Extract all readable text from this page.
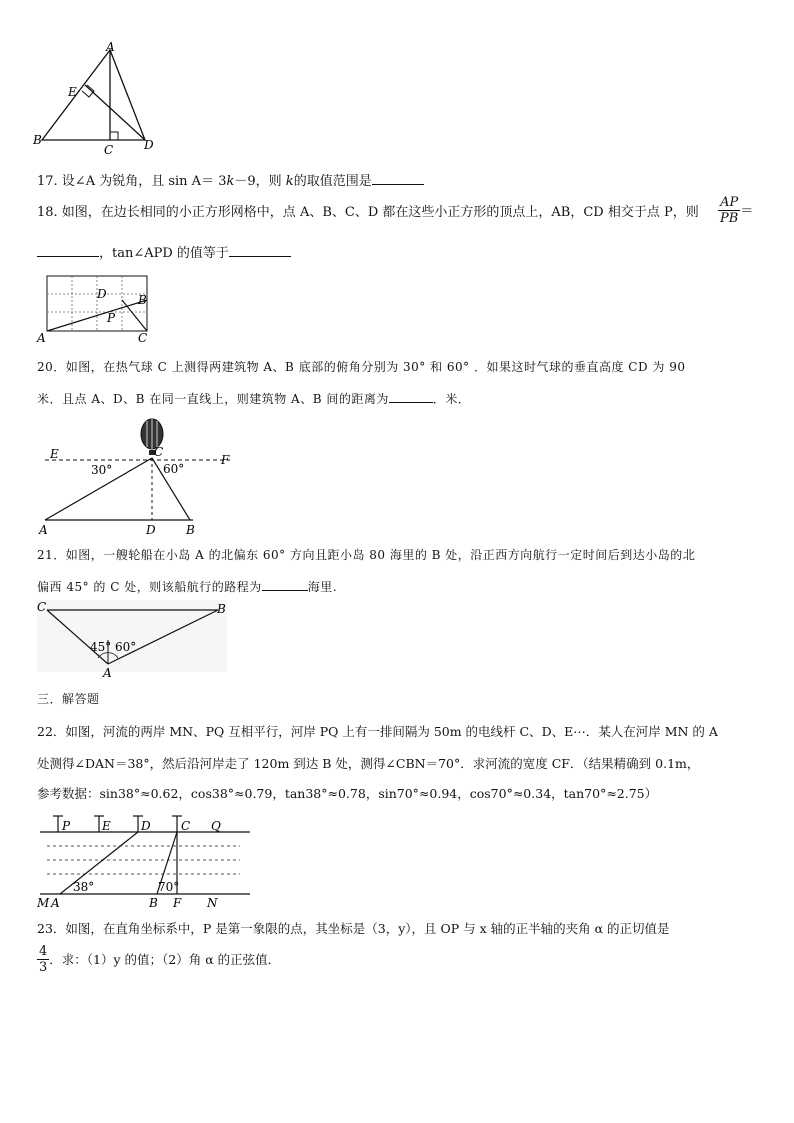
A
B
C	D
E
17. 设∠A 为锐角，且 sin A＝ 3k－9，则 k的取值范围是
18. 如图，在边长相同的小正方形网格中，点 A、B、C、D 都在这些小正方形的顶点上，AB，CD 相交于点 P，则 $\frac{AP}{PB}$ ＝
，tan∠APD 的值等于
D	B
P
A	C
20．如图，在热气球 C 上测得两建筑物 A、B 底部的俯角分别为 30° 和 60° ．如果这时气球的垂直高度 CD 为 90
米．且点 A、D、B 在同一直线上，则建筑物 A、B 间的距离为	．米．
E	F
C
30°	60°
A	D	B
21．如图，一艘轮船在小岛 A 的北偏东 60° 方向且距小岛 80 海里的 B 处，沿正西方向航行一定时间后到达小岛的北
偏西 45° 的 C 处，则该船航行的路程为	海里.
C	B
45° 60°
A
三．解答题
22．如图，河流的两岸 MN、PQ 互相平行，河岸 PQ 上有一排间隔为 50m 的电线杆 C、D、E⋯．某人在河岸 MN 的 A
处测得∠DAN＝38°，然后沿河岸走了 120m 到达 B 处，测得∠CBN＝70°．求河流的宽度 CF．（结果精确到 0.1m，
参考数据：sin38°≈0.62，cos38°≈0.79，tan38°≈0.78，sin70°≈0.94，cos70°≈0.34，tan70°≈2.75）
P	E	D	C Q
38°	70°
M A	B F N
23．如图，在直角坐标系中，P 是第一象限的点，其坐标是（3，y），且 OP 与 x 轴的正半轴的夹角 α 的正切值是
$\frac{4}{3}$ ．求：（1）y 的值；（2）角 α 的正弦值．
